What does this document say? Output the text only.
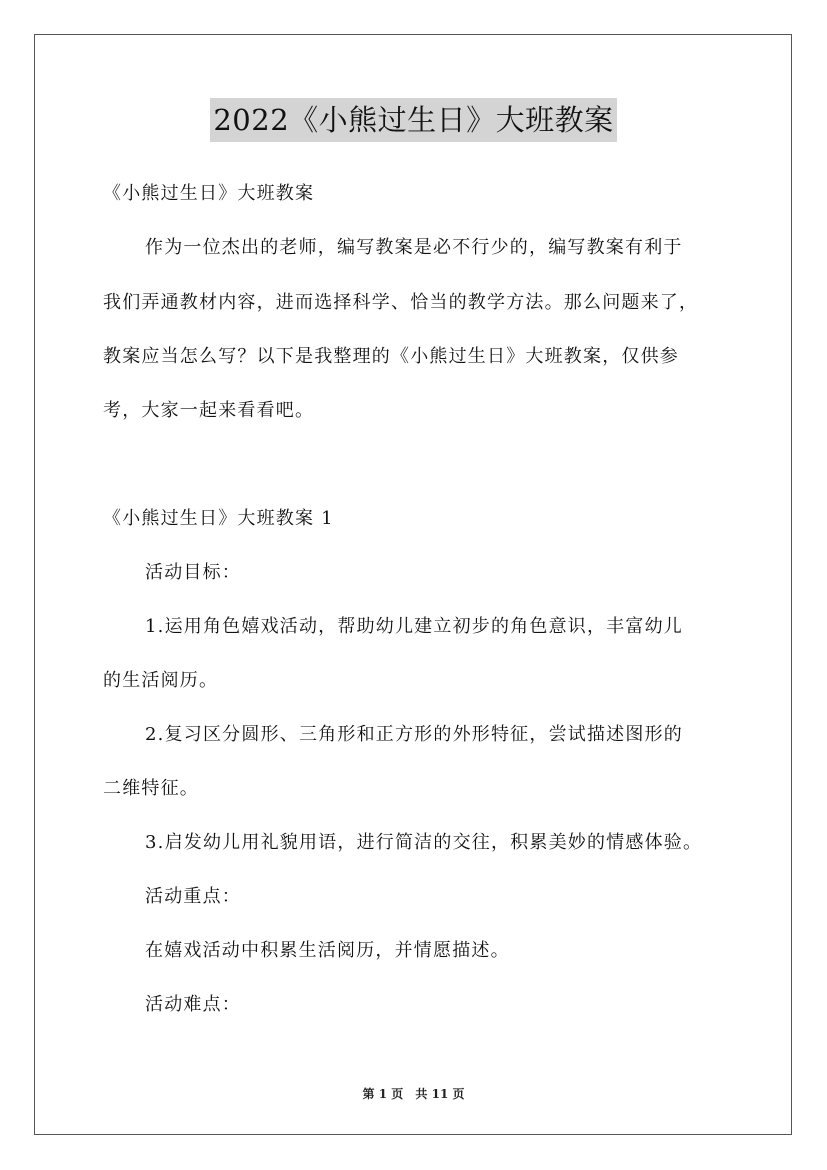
2022《小熊过生日》大班教案
《小熊过生日》大班教案
作为一位杰出的老师，编写教案是必不行少的，编写教案有利于
我们弄通教材内容，进而选择科学、恰当的教学方法。那么问题来了，
教案应当怎么写？以下是我整理的《小熊过生日》大班教案，仅供参
考，大家一起来看看吧。
《小熊过生日》大班教案 1
活动目标：
1.运用角色嬉戏活动，帮助幼儿建立初步的角色意识，丰富幼儿
的生活阅历。
2.复习区分圆形、三角形和正方形的外形特征，尝试描述图形的
二维特征。
3.启发幼儿用礼貌用语，进行简洁的交往，积累美妙的情感体验。
活动重点：
在嬉戏活动中积累生活阅历，并情愿描述。
活动难点：
第 1 页 共 11 页
